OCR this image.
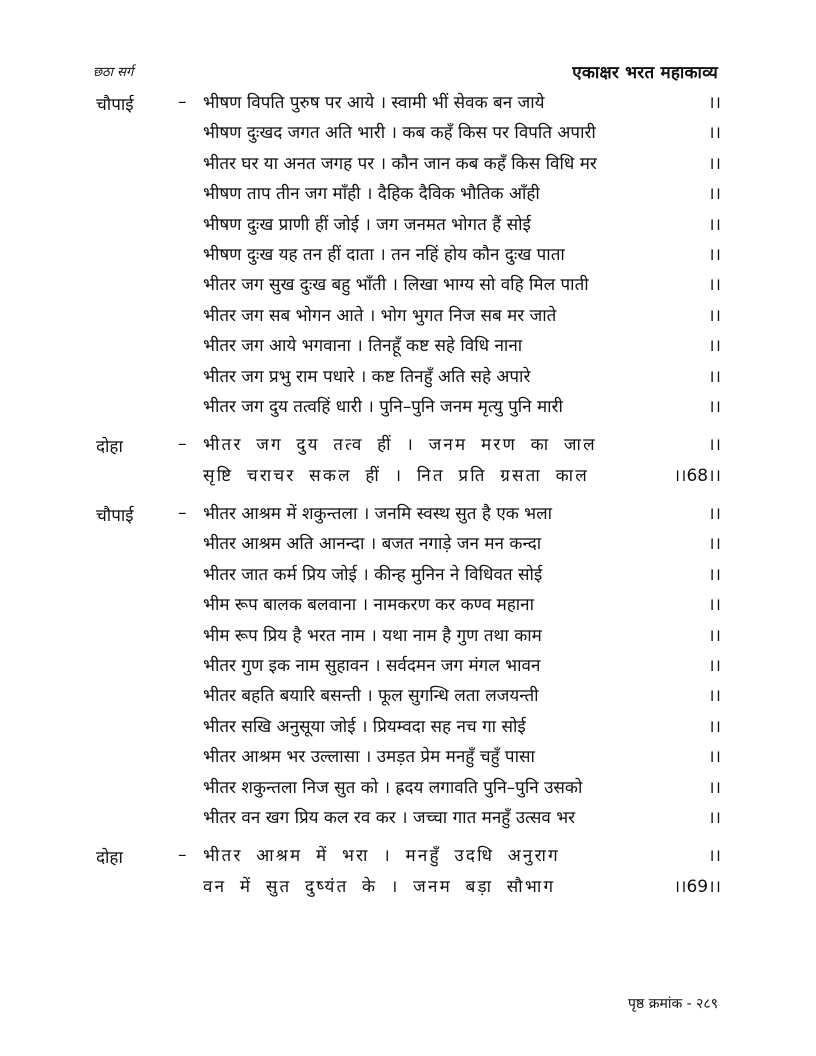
छठा सर्ग	एकाक्षर भरत महाकाव्य
चौपाई	– भीषण विपति पुरुष पर आये । स्वामी भीं सेवक बन जाये	।।
भीषण दुःखद जगत अति भारी । कब कहँ किस पर विपति अपारी	।।
भीतर घर या अनत जगह पर । कौन जान कब कहँ किस विधि मर	।।
भीषण ताप तीन जग माँही । दैहिक दैविक भौतिक आँही	।।
भीषण दुःख प्राणी हीं जोई । जग जनमत भोगत हैं सोई	।।
भीषण दुःख यह तन हीं दाता । तन नहिं होय कौन दुःख पाता	।।
भीतर जग सुख दुःख बहु भाँती । लिखा भाग्य सो वहि मिल पाती	।।
भीतर जग सब भोगन आते । भोग भुगत निज सब मर जाते	।।
भीतर जग आये भगवाना । तिनहूँ कष्ट सहे विधि नाना	।।
भीतर जग प्रभु राम पधारे । कष्ट तिनहुँ अति सहे अपारे	।।
भीतर जग दुय तत्वहिं धारी । पुनि–पुनि जनम मृत्यु पुनि मारी	।।
दोहा	– भीतर जग दुय तत्व हीं । जनम मरण का जाल	।।
सृष्टि चराचर सकल हीं । नित प्रति ग्रसता काल	।।68।।
चौपाई	– भीतर आश्रम में शकुन्तला । जनमि स्वस्थ सुत है एक भला	।।
भीतर आश्रम अति आनन्दा । बजत नगाड़े जन मन कन्दा	।।
भीतर जात कर्म प्रिय जोई । कीन्ह मुनिन ने विधिवत सोई	।।
भीम रूप बालक बलवाना । नामकरण कर कण्व महाना	।।
भीम रूप प्रिय है भरत नाम । यथा नाम है गुण तथा काम	।।
भीतर गुण इक नाम सुहावन । सर्वदमन जग मंगल भावन	।।
भीतर बहति बयारि बसन्ती । फूल सुगन्धि लता लजयन्ती	।।
भीतर सखि अनुसूया जोई । प्रियम्वदा सह नच गा सोई	।।
भीतर आश्रम भर उल्लासा । उमड़त प्रेम मनहुँ चहुँ पासा	।।
भीतर शकुन्तला निज सुत को । ह्रदय लगावति पुनि–पुनि उसको	।।
भीतर वन खग प्रिय कल रव कर । जच्चा गात मनहुँ उत्सव भर	।।
दोहा	– भीतर आश्रम में भरा । मनहुँ उदधि अनुराग	।।
वन में सुत दुष्यंत के । जनम बड़ा सौभाग	।।69।।
पृष्ठ क्रमांक - २८९
